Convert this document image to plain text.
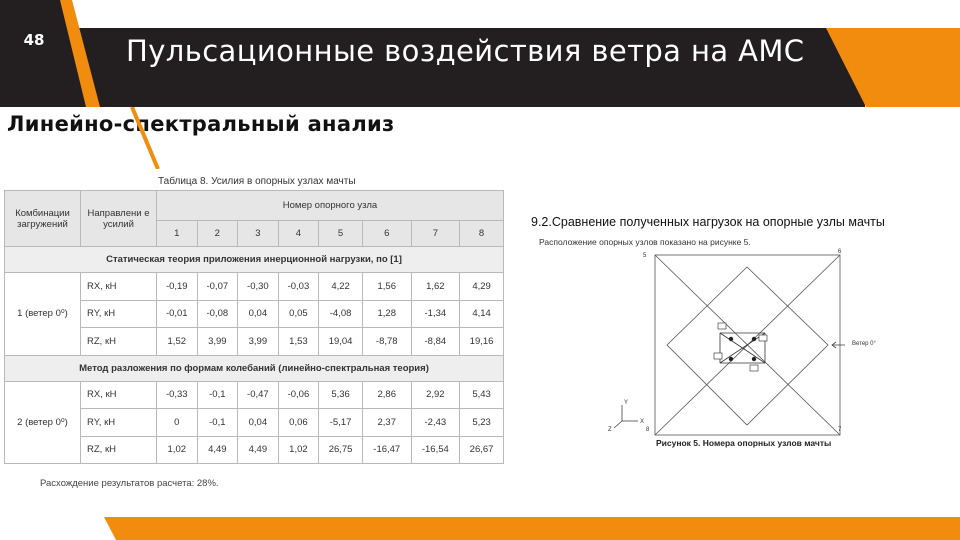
48	Пульсационные воздействия ветра на АМС
Линейно-спектральный анализ
Таблица 8. Усилия в опорных узлах мачты
Комбинации загружений	Направлени е усилий	Номер опорного узла							
		1	2	3	4	5	6	7	8
Статическая теория приложения инерционной нагрузки, по [1]									
1 (ветер 0⁰)	RX, кН	-0,19	-0,07	-0,30	-0,03	4,22	1,56	1,62	4,29
	RY, кН	-0,01	-0,08	0,04	0,05	-4,08	1,28	-1,34	4,14
	RZ, кН	1,52	3,99	3,99	1,53	19,04	-8,78	-8,84	19,16
Метод разложения по формам колебаний (линейно-спектральная теория)									
2 (ветер 0⁰)	RX, кН	-0,33	-0,1	-0,47	-0,06	5,36	2,86	2,92	5,43
	RY, кН	0	-0,1	0,04	0,06	-5,17	2,37	-2,43	5,23
	RZ, кН	1,02	4,49	4,49	1,02	26,75	-16,47	-16,54	26,67
Расхождение результатов расчета: 28%.
9.2.Сравнение полученных нагрузок на опорные узлы мачты
Расположение опорных узлов показано на рисунке 5.
5
6
8	7
X
Y
Z
Ветер 0°
Рисунок 5. Номера опорных узлов мачты
